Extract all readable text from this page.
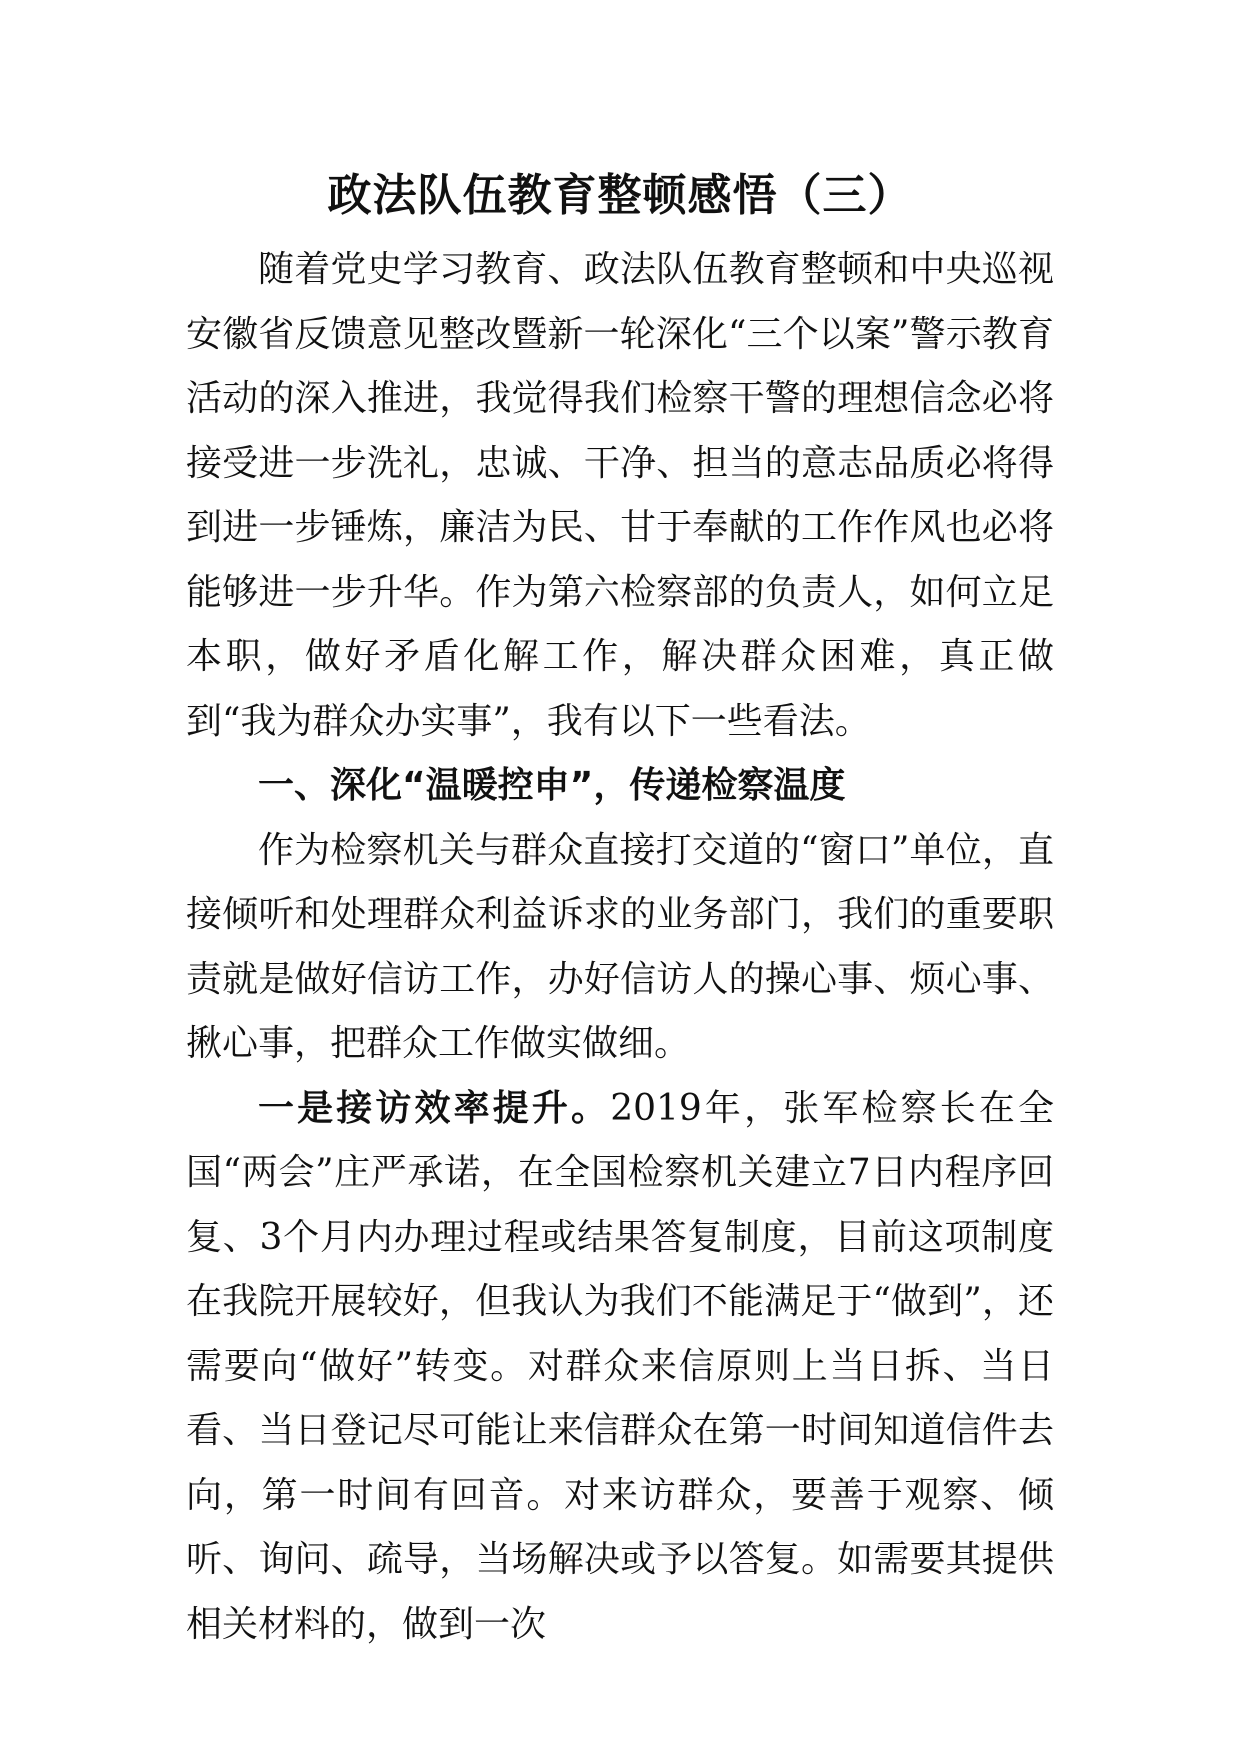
政法队伍教育整顿感悟（三）

随着党史学习教育、政法队伍教育整顿和中央巡视安徽省反馈意见整改暨新一轮深化“三个以案”警示教育活动的深入推进，我觉得我们检察干警的理想信念必将接受进一步洗礼，忠诚、干净、担当的意志品质必将得到进一步锤炼，廉洁为民、甘于奉献的工作作风也必将能够进一步升华。作为第六检察部的负责人，如何立足本职，做好矛盾化解工作，解决群众困难，真正做到“我为群众办实事”，我有以下一些看法。

一、深化“温暖控申”，传递检察温度

作为检察机关与群众直接打交道的“窗口”单位，直接倾听和处理群众利益诉求的业务部门，我们的重要职责就是做好信访工作，办好信访人的操心事、烦心事、揪心事，把群众工作做实做细。

一是接访效率提升。2019年，张军检察长在全国“两会”庄严承诺，在全国检察机关建立7日内程序回复、3个月内办理过程或结果答复制度，目前这项制度在我院开展较好，但我认为我们不能满足于“做到”，还需要向“做好”转变。对群众来信原则上当日拆、当日看、当日登记尽可能让来信群众在第一时间知道信件去向，第一时间有回音。对来访群众，要善于观察、倾听、询问、疏导，当场解决或予以答复。如需要其提供相关材料的，做到一次
